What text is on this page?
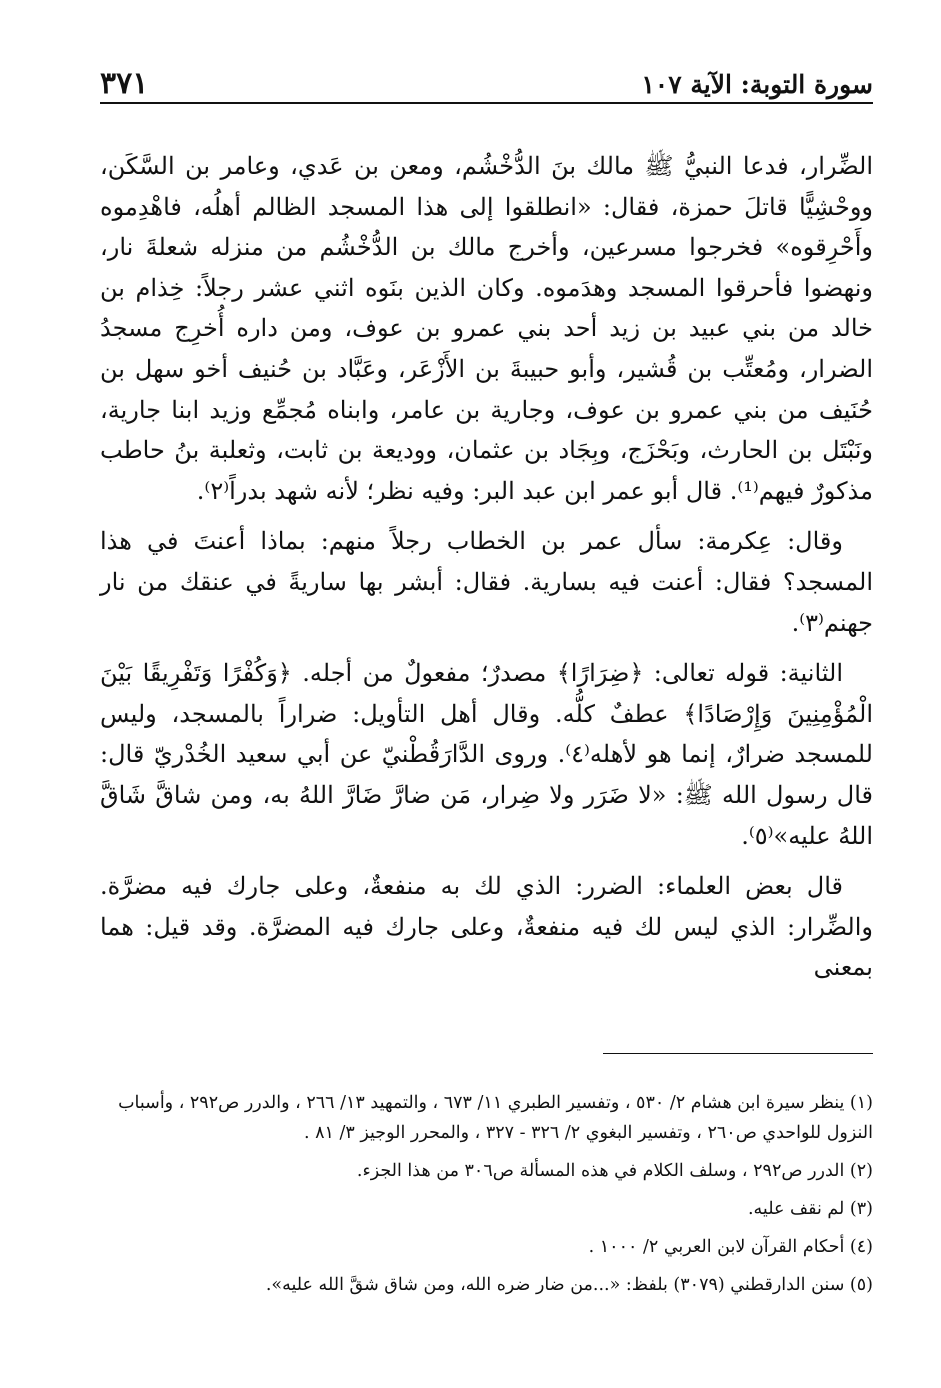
سورة التوبة: الآية ١٠٧
٣٧١

الضِّرار، فدعا النبيُّ ﷺ مالك بنَ الدُّخْشُم، ومعن بن عَدي، وعامر بن السَّكَن، ووحْشِيًّا قاتلَ حمزة، فقال: «انطلقوا إلى هذا المسجد الظالم أهلُه، فاهْدِموه وأَحْرِقوه» فخرجوا مسرعين، وأخرج مالك بن الدُّخْشُم من منزله شعلةَ نار، ونهضوا فأحرقوا المسجد وهدَموه. وكان الذين بنَوه اثني عشر رجلاً: خِذام بن خالد من بني عبيد بن زيد أحد بني عمرو بن عوف، ومن داره أُخرِج مسجدُ الضرار، ومُعتِّب بن قُشير، وأبو حبيبةَ بن الأَزْعَر، وعَبَّاد بن حُنيف أخو سهل بن حُنَيف من بني عمرو بن عوف، وجارية بن عامر، وابناه مُجمِّع وزيد ابنا جارية، ونَبْتَل بن الحارث، وبَحْزَج، وبِجَاد بن عثمان، ووديعة بن ثابت، وثعلبة بنُ حاطب مذكورٌ فيهم⁽¹⁾. قال أبو عمر ابن عبد البر: وفيه نظر؛ لأنه شهد بدراً⁽٢⁾.

وقال: عِكرمة: سأل عمر بن الخطاب رجلاً منهم: بماذا أعنتَ في هذا المسجد؟ فقال: أعنت فيه بسارية. فقال: أبشر بها ساريةً في عنقك من نار جهنم⁽٣⁾.

الثانية: قوله تعالى: ﴿ضِرَارًا﴾ مصدرٌ؛ مفعولٌ من أجله. ﴿وَكُفْرًا وَتَفْرِيقًا بَيْنَ الْمُؤْمِنِينَ وَإِرْصَادًا﴾ عطفٌ كلُّه. وقال أهل التأويل: ضراراً بالمسجد، وليس للمسجد ضرارٌ، إنما هو لأهله⁽٤⁾. وروى الدَّارَقُطْنيّ عن أبي سعيد الخُدْريّ قال: قال رسول الله ﷺ: «لا ضَرَر ولا ضِرار، مَن ضارَّ ضَارَّ اللهُ به، ومن شاقَّ شَاقَّ اللهُ عليه»⁽٥⁾.

قال بعض العلماء: الضرر: الذي لك به منفعةٌ، وعلى جارك فيه مضرَّة. والضِّرار: الذي ليس لك فيه منفعةٌ، وعلى جارك فيه المضرَّة. وقد قيل: هما بمعنى

(١) ينظر سيرة ابن هشام ٢/ ٥٣٠ ، وتفسير الطبري ١١/ ٦٧٣ ، والتمهيد ١٣/ ٢٦٦ ، والدرر ص٢٩٢ ، وأسباب النزول للواحدي ص٢٦٠ ، وتفسير البغوي ٢/ ٣٢٦ - ٣٢٧ ، والمحرر الوجيز ٣/ ٨١ .
(٢) الدرر ص٢٩٢ ، وسلف الكلام في هذه المسألة ص٣٠٦ من هذا الجزء.
(٣) لم نقف عليه.
(٤) أحكام القرآن لابن العربي ٢/ ١٠٠٠ .
(٥) سنن الدارقطني (٣٠٧٩) بلفظ: «...من ضار ضره الله، ومن شاق شقَّ الله عليه».
